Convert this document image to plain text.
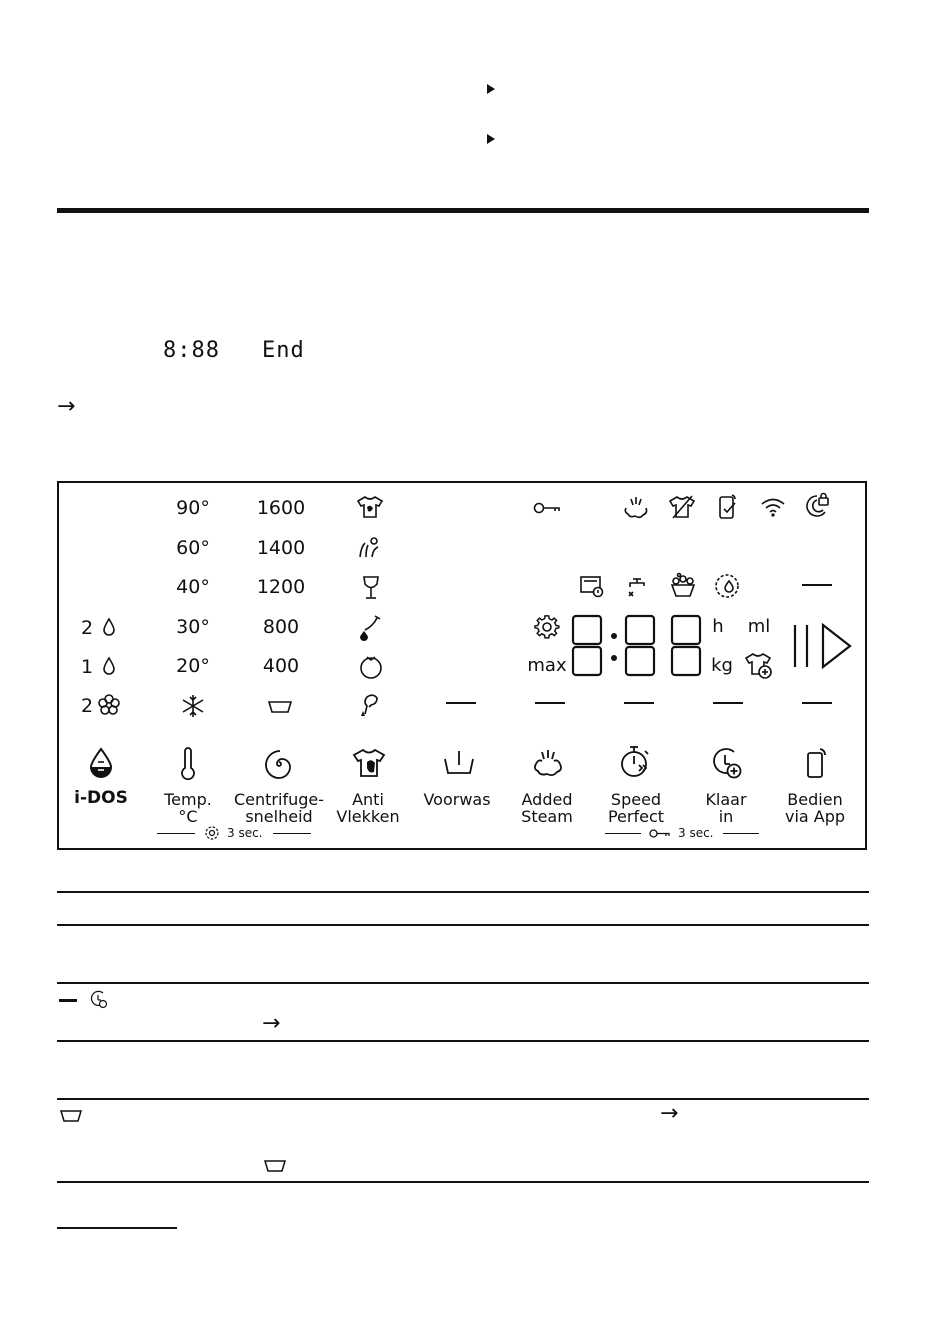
8:88 End
→
2
1
2
90°
60°
40°
30°
20°
1600
1400
1200
800
400	max
h	ml
kg
i-DOS	Temp.
°C
Centrifuge-
snelheid
Anti
Vlekken
Voorwas	Added
Steam
Speed
Perfect
Klaar
in
Bedien
via App
3 sec.	3 sec.
→
→
